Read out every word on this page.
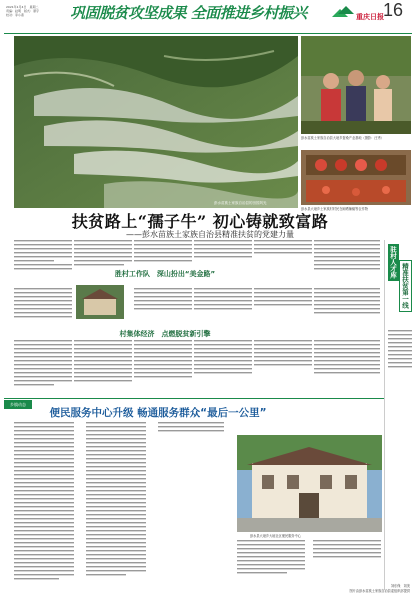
2021年1月4日　星期二
责编：赵明　版式：谭宇
校对：李小燕	巩固脱贫攻坚成果 全面推进乡村振兴	重庆日报 16
彭水苗族土家族自治县的田园风光
彭水苗族土家族自治县大垭乡蚕桑产业基地（摄影：汪秀）
彭水县大垭乡土家族村村民在晾晒辣椒等农作物
扶贫路上“孺子牛” 初心铸就致富路
——彭水苗族土家族自治县精准扶贫的党建力量
胜村工作队　深山扮出“美金路”
村集体经济　点燃脱贫新引擎
驻村人才库
精准扶贫第一线
乡镇动态
便民服务中心升级 畅通服务群众“最后一公里”
彭水县大垭乡大垭社区便民服务中心
刘东保　刘美
图片由彭水苗族土家族自治县委组织部提供
